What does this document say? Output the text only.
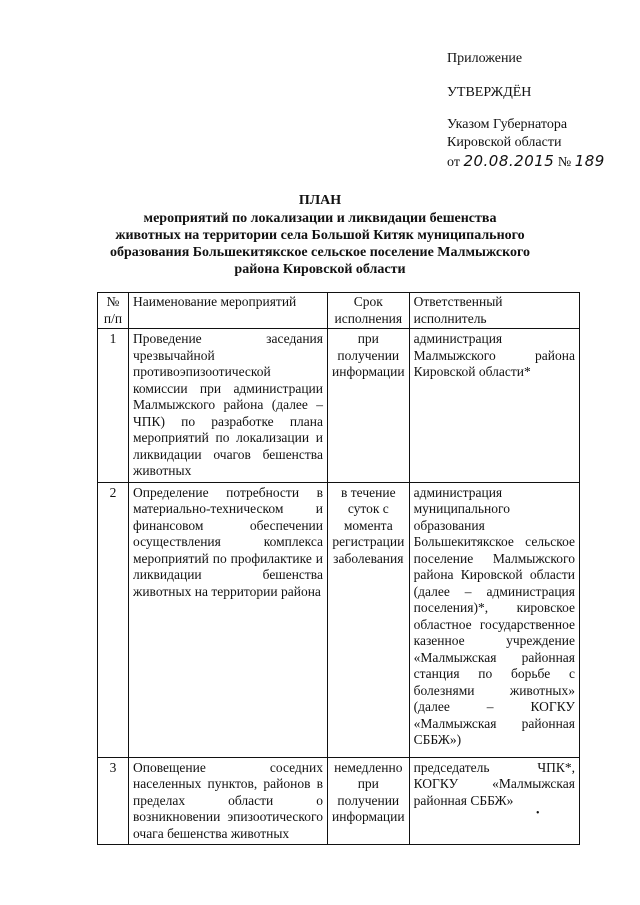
Приложение
УТВЕРЖДЁН
Указом Губернатора
Кировской области
от 20.08.2015 № 189
ПЛАН
мероприятий по локализации и ликвидации бешенства
животных на территории села Большой Китяк муниципального
образования Большекитякское сельское поселение Малмыжского
района Кировской области
№ п/п	Наименование мероприятий	Срок исполнения	Ответственный исполнитель
1	Проведение заседания чрезвычайной противоэпизоотической комиссии при администрации Малмыжского района (далее – ЧПК) по разработке плана мероприятий по локализации и ликвидации очагов бешенства животных	при получении информации	администрация Малмыжского района Кировской области*
2	Определение потребности в материально-техническом и финансовом обеспечении осуществления комплекса мероприятий по профилактике и ликвидации бешенства животных на территории района	в течение суток с момента регистрации заболевания	администрация муниципального образования Большекитякское сельское поселение Малмыжского района Кировской области (далее – администрация поселения)*, кировское областное государственное казенное учреждение «Малмыжская районная станция по борьбе с болезнями животных» (далее – КОГКУ «Малмыжская районная СББЖ»)
3	Оповещение соседних населенных пунктов, районов в пределах области о возникновении эпизоотического очага бешенства животных	немедленно при получении информации	председатель ЧПК*, КОГКУ «Малмыжская районная СББЖ»
•
